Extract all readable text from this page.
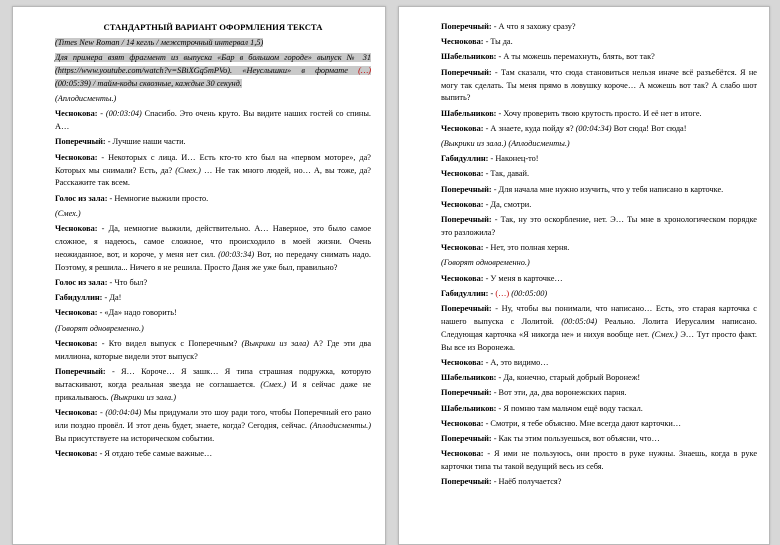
СТАНДАРТНЫЙ ВАРИАНТ ОФОРМЛЕНИЯ ТЕКСТА

(Times New Roman / 14 кегль / межстрочный интервал 1,5)

Для примера взят фрагмент из выпуска «Бар в большом городе» выпуск № 31 (https://www.youtube.com/watch?v=SBiXGq5mPVo). «Неуслышки» в формате (…) (00:05:39) / тайм-коды сквозные, каждые 30 секунд.

(Аплодисменты.)

Чеснокова: - (00:03:04) Спасибо. Это очень круто. Вы видите наших гостей со спины. А…

Поперечный: - Лучшие наши части.

Чеснокова: - Некоторых с лица. И… Есть кто-то кто был на «первом моторе», да? Которых мы снимали? Есть, да? (Смех.) … Не так много людей, но… А, вы тоже, да? Расскажите так всем.

Голос из зала: - Немногие выжили просто.

(Смех.)

Чеснокова: - Да, немногие выжили, действительно. А… Наверное, это было самое сложное, я надеюсь, самое сложное, что происходило в моей жизни. Очень неожиданное, вот, и короче, у меня нет сил. (00:03:34) Вот, но передачу снимать надо. Поэтому, я решила... Ничего я не решила. Просто Даня же уже был, правильно?

Голос из зала: - Что был?

Габидуллин: - Да!

Чеснокова: - «Да» надо говорить!

(Говорят одновременно.)

Чеснокова: - Кто видел выпуск с Поперечным? (Выкрики из зала) А? Где эти два миллиона, которые видели этот выпуск?

Поперечный: - Я… Короче… Я зашк… Я типа страшная подружка, которую вытаскивают, когда реальная звезда не соглашается. (Смех.) И я сейчас даже не прикалываюсь. (Выкрики из зала.)

Чеснокова: - (00:04:04) Мы придумали это шоу ради того, чтобы Поперечный его рано или поздно провёл. И этот день будет, знаете, когда? Сегодня, сейчас. (Аплодисменты.) Вы присутствуете на историческом событии.

Чеснокова: - Я отдаю тебе самые важные…

Поперечный: - А что я захожу сразу?

Чеснокова: - Ты да.

Шабельников: - А ты можешь перемахнуть, блять, вот так?

Поперечный: - Там сказали, что сюда становиться нельзя иначе всё разъебётся. Я не могу так сделать. Ты меня прямо в ловушку короче… А можешь вот так? А слабо шот выпить?

Шабельников: - Хочу проверить твою крутость просто. И её нет в итоге.

Чеснокова: - А знаете, куда пойду я? (00:04:34) Вот сюда! Вот сюда!

(Выкрики из зала.) (Аплодисменты.)

Габидуллин: - Наконец-то!

Чеснокова: - Так, давай.

Поперечный: - Для начала мне нужно изучить, что у тебя написано в карточке.

Чеснокова: - Да, смотри.

Поперечный: - Так, ну это оскорбление, нет. Э… Ты мне в хронологическом порядке это разложила?

Чеснокова: - Нет, это полная херня.

(Говорят одновременно.)

Чеснокова: - У меня в карточке…

Габидуллин: - (…) (00:05:00)

Поперечный: - Ну, чтобы вы понимали, что написано… Есть, это старая карточка с нашего выпуска с Лолитой. (00:05:04) Реально. Лолита Иерусалим написано. Следующая карточка «Я никогда не» и нихуя вообще нет. (Смех.) Э… Тут просто факт. Вы все из Воронежа.

Чеснокова: - А, это видимо…

Шабельников: - Да, конечно, старый добрый Воронеж!

Поперечный: - Вот эти, да, два воронежских парня.

Шабельников: - Я помню там мальчом ещё воду таскал.

Чеснокова: - Смотри, я тебе объясню. Мне всегда дают карточки…

Поперечный: - Как ты этим пользуешься, вот объясни, что…

Чеснокова: - Я ими не пользуюсь, они просто в руке нужны. Знаешь, когда в руке карточки типа ты такой ведущий весь из себя.

Поперечный: - Наёб получается?
